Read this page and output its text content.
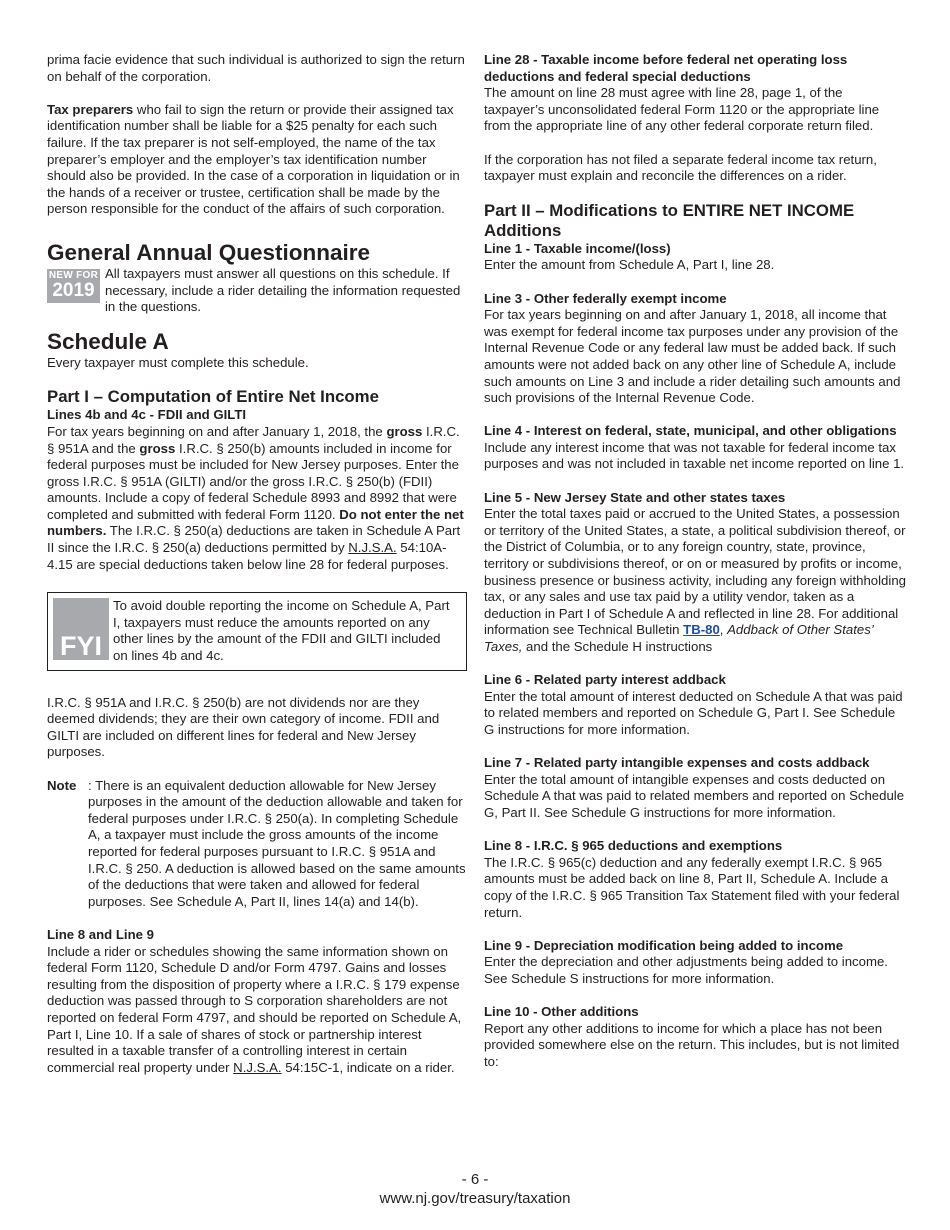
prima facie evidence that such individual is authorized to sign the return on behalf of the corporation.

Tax preparers who fail to sign the return or provide their assigned tax identification number shall be liable for a $25 penalty for each such failure. If the tax preparer is not self-employed, the name of the tax preparer’s employer and the employer’s tax identification number should also be provided. In the case of a corporation in liquidation or in the hands of a receiver or trustee, certification shall be made by the person responsible for the conduct of the affairs of such corporation.

General Annual Questionnaire
NEW FOR
2019

All taxpayers must answer all questions on this schedule. If necessary, include a rider detailing the information requested in the questions.

Schedule A

Every taxpayer must complete this schedule.

Part I – Computation of Entire Net Income

Lines 4b and 4c - FDII and GILTI

For tax years beginning on and after January 1, 2018, the gross I.R.C. § 951A and the gross I.R.C. § 250(b) amounts included in income for federal purposes must be included for New Jersey purposes. Enter the gross I.R.C. § 951A (GILTI) and/or the gross I.R.C. § 250(b) (FDII) amounts. Include a copy of federal Schedule 8993 and 8992 that were completed and submitted with federal Form 1120. Do not enter the net numbers. The I.R.C. § 250(a) deductions are taken in Schedule A Part II since the I.R.C. § 250(a) deductions permitted by N.J.S.A. 54:10A-4.15 are special deductions taken below line 28 for federal purposes.

FYI

To avoid double reporting the income on Schedule A, Part I, taxpayers must reduce the amounts reported on any other lines by the amount of the FDII and GILTI included on lines 4b and 4c.

I.R.C. § 951A and I.R.C. § 250(b) are not dividends nor are they deemed dividends; they are their own category of income. FDII and GILTI are included on different lines for federal and New Jersey purposes.

Note : There is an equivalent deduction allowable for New Jersey purposes in the amount of the deduction allowable and taken for federal purposes under I.R.C. § 250(a). In completing Schedule A, a taxpayer must include the gross amounts of the income reported for federal purposes pursuant to I.R.C. § 951A and I.R.C. § 250. A deduction is allowed based on the same amounts of the deductions that were taken and allowed for federal purposes. See Schedule A, Part II, lines 14(a) and 14(b).

Line 8 and Line 9

Include a rider or schedules showing the same information shown on federal Form 1120, Schedule D and/or Form 4797. Gains and losses resulting from the disposition of property where a I.R.C. § 179 expense deduction was passed through to S corporation shareholders are not reported on federal Form 4797, and should be reported on Schedule A, Part I, Line 10. If a sale of shares of stock or partnership interest resulted in a taxable transfer of a controlling interest in certain commercial real property under N.J.S.A. 54:15C-1, indicate on a rider.

Line 28 - Taxable income before federal net operating loss deductions and federal special deductions

The amount on line 28 must agree with line 28, page 1, of the taxpayer’s unconsolidated federal Form 1120 or the appropriate line from the appropriate line of any other federal corporate return filed.

If the corporation has not filed a separate federal income tax return, taxpayer must explain and reconcile the differences on a rider.

Part II – Modifications to ENTIRE NET INCOME Additions

Line 1 - Taxable income/(loss)

Enter the amount from Schedule A, Part I, line 28.

Line 3 - Other federally exempt income

For tax years beginning on and after January 1, 2018, all income that was exempt for federal income tax purposes under any provision of the Internal Revenue Code or any federal law must be added back. If such amounts were not added back on any other line of Schedule A, include such amounts on Line 3 and include a rider detailing such amounts and such provisions of the Internal Revenue Code.

Line 4 - Interest on federal, state, municipal, and other obligations

Include any interest income that was not taxable for federal income tax purposes and was not included in taxable net income reported on line 1.

Line 5 - New Jersey State and other states taxes

Enter the total taxes paid or accrued to the United States, a possession or territory of the United States, a state, a political subdivision thereof, or the District of Columbia, or to any foreign country, state, province, territory or subdivisions thereof, or on or measured by profits or income, business presence or business activity, including any foreign withholding tax, or any sales and use tax paid by a utility vendor, taken as a deduction in Part I of Schedule A and reflected in line 28. For additional information see Technical Bulletin TB-80, Addback of Other States’ Taxes, and the Schedule H instructions

Line 6 - Related party interest addback

Enter the total amount of interest deducted on Schedule A that was paid to related members and reported on Schedule G, Part I. See Schedule G instructions for more information.

Line 7 - Related party intangible expenses and costs addback

Enter the total amount of intangible expenses and costs deducted on Schedule A that was paid to related members and reported on Schedule G, Part II. See Schedule G instructions for more information.

Line 8 - I.R.C. § 965 deductions and exemptions

The I.R.C. § 965(c) deduction and any federally exempt I.R.C. § 965 amounts must be added back on line 8, Part II, Schedule A. Include a copy of the I.R.C. § 965 Transition Tax Statement filed with your federal return.

Line 9 - Depreciation modification being added to income

Enter the depreciation and other adjustments being added to income. See Schedule S instructions for more information.

Line 10 - Other additions

Report any other additions to income for which a place has not been provided somewhere else on the return. This includes, but is not limited to:

- 6 -
www.nj.gov/treasury/taxation
